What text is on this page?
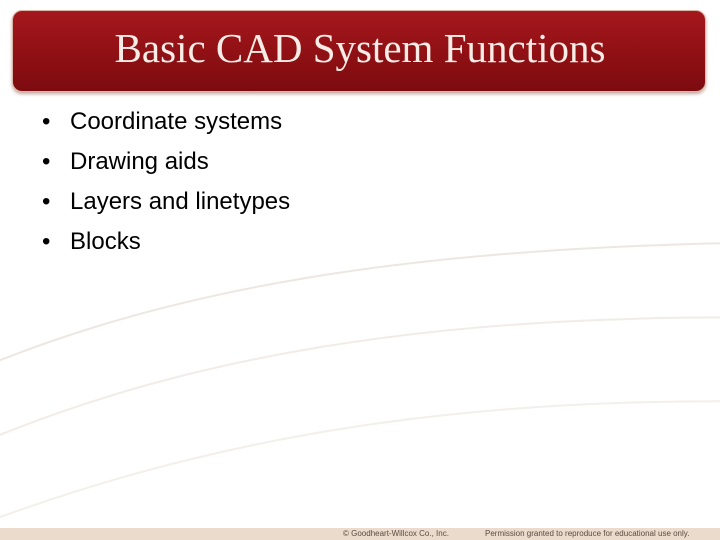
Basic CAD System Functions
• Coordinate systems
• Drawing aids
• Layers and linetypes
• Blocks
© Goodheart-Willcox Co., Inc.	Permission granted to reproduce for educational use only.
